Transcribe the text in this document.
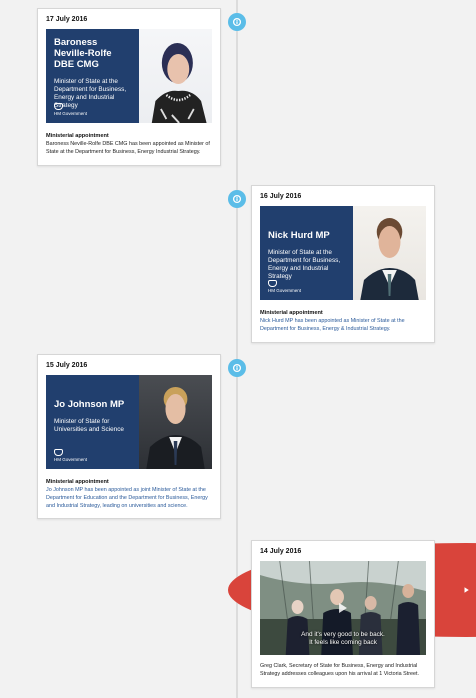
17 July 2016
Baroness Neville-Rolfe DBE CMG
Minister of State at the Department for Business, Energy and Industrial Strategy
HM Government
Ministerial appointment
Baroness Neville-Rolfe DBE CMG has been appointed as Minister of State at the Department for Business, Energy Industrial Strategy.
16 July 2016
Nick Hurd MP
Minister of State at the Department for Business, Energy and Industrial Strategy
HM Government
Ministerial appointment
Nick Hurd MP has been appointed as Minister of State at the Department for Business, Energy & Industrial Strategy.
15 July 2016
Jo Johnson MP
Minister of State for Universities and Science
HM Government
Ministerial appointment
Jo Johnson MP has been appointed as joint Minister of State at the Department for Education and the Department for Business, Energy and Industrial Strategy, leading on universities and science.
14 July 2016
And it's very good to be back.
It feels like coming back
Greg Clark, Secretary of State for Business, Energy and Industrial Strategy addresses colleagues upon his arrival at 1 Victoria Street.
